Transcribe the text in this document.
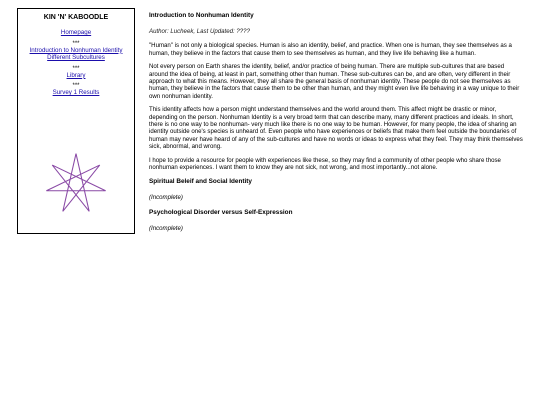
KIN 'N' KABOODLE
Homepage
***
Introduction to Nonhuman Identity
Different Subcultures
***
Library
***
Survey 1 Results
Introduction to Nonhuman Identity

Author: Lucheek, Last Updated: ????

"Human" is not only a biological species. Human is also an identity, belief, and practice. When one is human, they see themselves as a human, they believe in the factors that cause them to see themselves as human, and they live life behaving like a human.

Not every person on Earth shares the identity, belief, and/or practice of being human. There are multiple sub-cultures that are based around the idea of being, at least in part, something other than human. These sub-cultures can be, and are often, very different in their approach to what this means. However, they all share the general basis of nonhuman identity. These people do not see themselves as human, they believe in the factors that cause them to be other than human, and they might even live life behaving in a way unique to their own nonhuman identity.

This identity affects how a person might understand themselves and the world around them. This affect might be drastic or minor, depending on the person. Nonhuman Identity is a very broad term that can describe many, many different practices and ideals. In short, there is no one way to be nonhuman- very much like there is no one way to be human. However, for many people, the idea of sharing an identity outside one's species is unheard of. Even people who have experiences or beliefs that make them feel outside the boundaries of human may never have heard of any of the sub-cultures and have no words or ideas to express what they feel. They may think themselves sick, abnormal, and wrong.

I hope to provide a resource for people with experiences like these, so they may find a community of other people who share those nonhuman experiences. I want them to know they are not sick, not wrong, and most importantly...not alone.

Spiritual Beleif and Social Identity

(Incomplete)

Psychological Disorder versus Self-Expression

(Incomplete)
